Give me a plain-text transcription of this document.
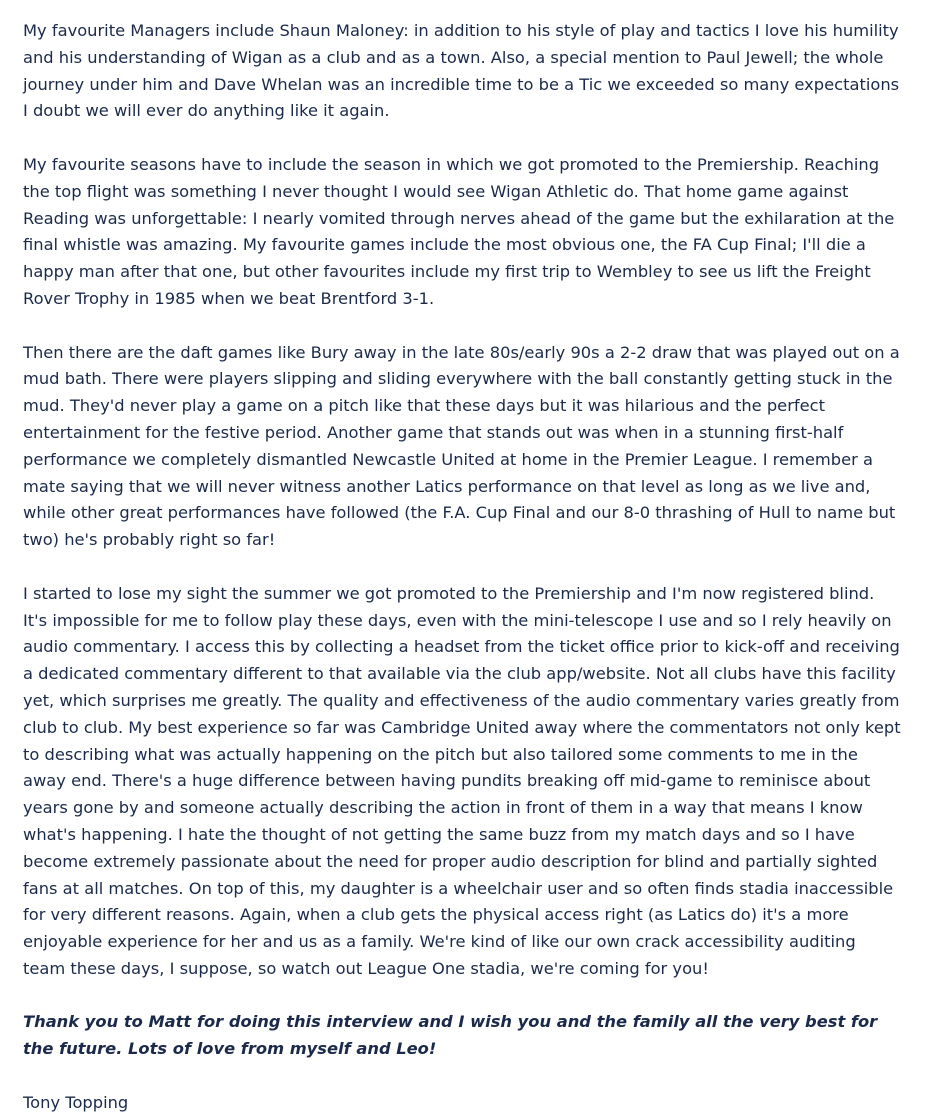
My favourite Managers include Shaun Maloney: in addition to his style of play and tactics I love his humility and his understanding of Wigan as a club and as a town. Also, a special mention to Paul Jewell; the whole journey under him and Dave Whelan was an incredible time to be a Tic we exceeded so many expectations I doubt we will ever do anything like it again.

My favourite seasons have to include the season in which we got promoted to the Premiership. Reaching the top flight was something I never thought I would see Wigan Athletic do. That home game against Reading was unforgettable: I nearly vomited through nerves ahead of the game but the exhilaration at the final whistle was amazing. My favourite games include the most obvious one, the FA Cup Final; I'll die a happy man after that one, but other favourites include my first trip to Wembley to see us lift the Freight Rover Trophy in 1985 when we beat Brentford 3-1.

Then there are the daft games like Bury away in the late 80s/early 90s a 2-2 draw that was played out on a mud bath. There were players slipping and sliding everywhere with the ball constantly getting stuck in the mud. They'd never play a game on a pitch like that these days but it was hilarious and the perfect entertainment for the festive period. Another game that stands out was when in a stunning first-half performance we completely dismantled Newcastle United at home in the Premier League. I remember a mate saying that we will never witness another Latics performance on that level as long as we live and, while other great performances have followed (the F.A. Cup Final and our 8-0 thrashing of Hull to name but two) he's probably right so far!

I started to lose my sight the summer we got promoted to the Premiership and I'm now registered blind. It's impossible for me to follow play these days, even with the mini-telescope I use and so I rely heavily on audio commentary. I access this by collecting a headset from the ticket office prior to kick-off and receiving a dedicated commentary different to that available via the club app/website. Not all clubs have this facility yet, which surprises me greatly. The quality and effectiveness of the audio commentary varies greatly from club to club. My best experience so far was Cambridge United away where the commentators not only kept to describing what was actually happening on the pitch but also tailored some comments to me in the away end. There's a huge difference between having pundits breaking off mid-game to reminisce about years gone by and someone actually describing the action in front of them in a way that means I know what's happening. I hate the thought of not getting the same buzz from my match days and so I have become extremely passionate about the need for proper audio description for blind and partially sighted fans at all matches. On top of this, my daughter is a wheelchair user and so often finds stadia inaccessible for very different reasons. Again, when a club gets the physical access right (as Latics do) it's a more enjoyable experience for her and us as a family. We're kind of like our own crack accessibility auditing team these days, I suppose, so watch out League One stadia, we're coming for you!

Thank you to Matt for doing this interview and I wish you and the family all the very best for the future. Lots of love from myself and Leo!

Tony Topping
